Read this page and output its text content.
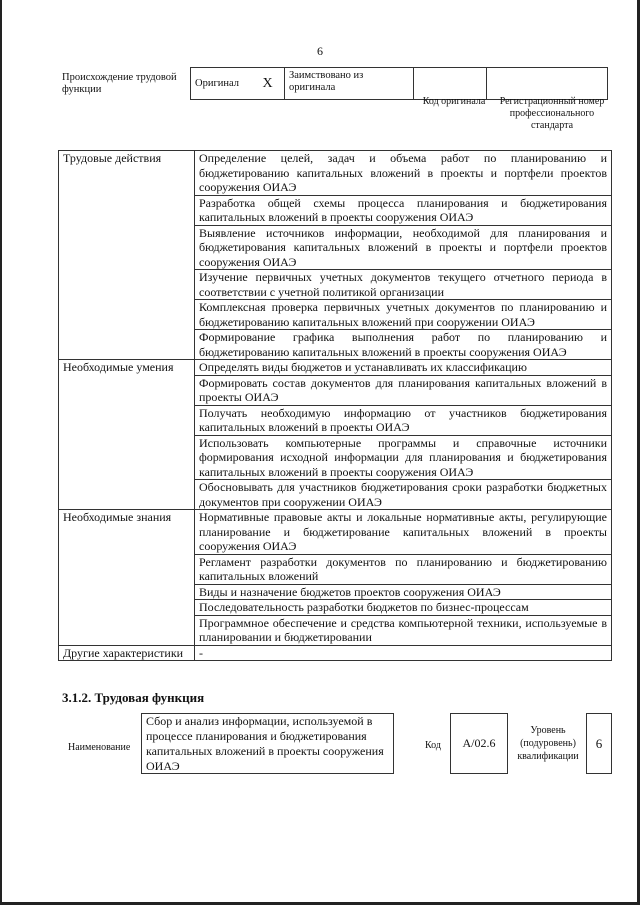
6
Происхождение трудовой функции
Оригинал	X	Заимствовано из оригинала		
Код оригинала	Регистрационный номер профессионального стандарта
Трудовые действия	Определение целей, задач и объема работ по планированию и бюджетированию капитальных вложений в проекты и портфели проектов сооружения ОИАЭ
	Разработка общей схемы процесса планирования и бюджетирования капитальных вложений в проекты сооружения ОИАЭ
	Выявление источников информации, необходимой для планирования и бюджетирования капитальных вложений в проекты и портфели проектов сооружения ОИАЭ
	Изучение первичных учетных документов текущего отчетного периода в соответствии с учетной политикой организации
	Комплексная проверка первичных учетных документов по планированию и бюджетированию капитальных вложений при сооружении ОИАЭ
	Формирование графика выполнения работ по планированию и бюджетированию капитальных вложений в проекты сооружения ОИАЭ
Необходимые умения	Определять виды бюджетов и устанавливать их классификацию
	Формировать состав документов для планирования капитальных вложений в проекты ОИАЭ
	Получать необходимую информацию от участников бюджетирования капитальных вложений в проекты ОИАЭ
	Использовать компьютерные программы и справочные источники формирования исходной информации для планирования и бюджетирования капитальных вложений в проекты сооружения ОИАЭ
	Обосновывать для участников бюджетирования сроки разработки бюджетных документов при сооружении ОИАЭ
Необходимые знания	Нормативные правовые акты и локальные нормативные акты, регулирующие планирование и бюджетирование капитальных вложений в проекты сооружения ОИАЭ
	Регламент разработки документов по планированию и бюджетированию капитальных вложений
	Виды и назначение бюджетов проектов сооружения ОИАЭ
	Последовательность разработки бюджетов по бизнес-процессам
	Программное обеспечение и средства компьютерной техники, используемые в планировании и бюджетировании
Другие характеристики	-
3.1.2. Трудовая функция
Наименование
Сбор и анализ информации, используемой в процессе планирования и бюджетирования капитальных вложений в проекты сооружения ОИАЭ
Код	A/02.6
Уровень (подуровень) квалификации
6
